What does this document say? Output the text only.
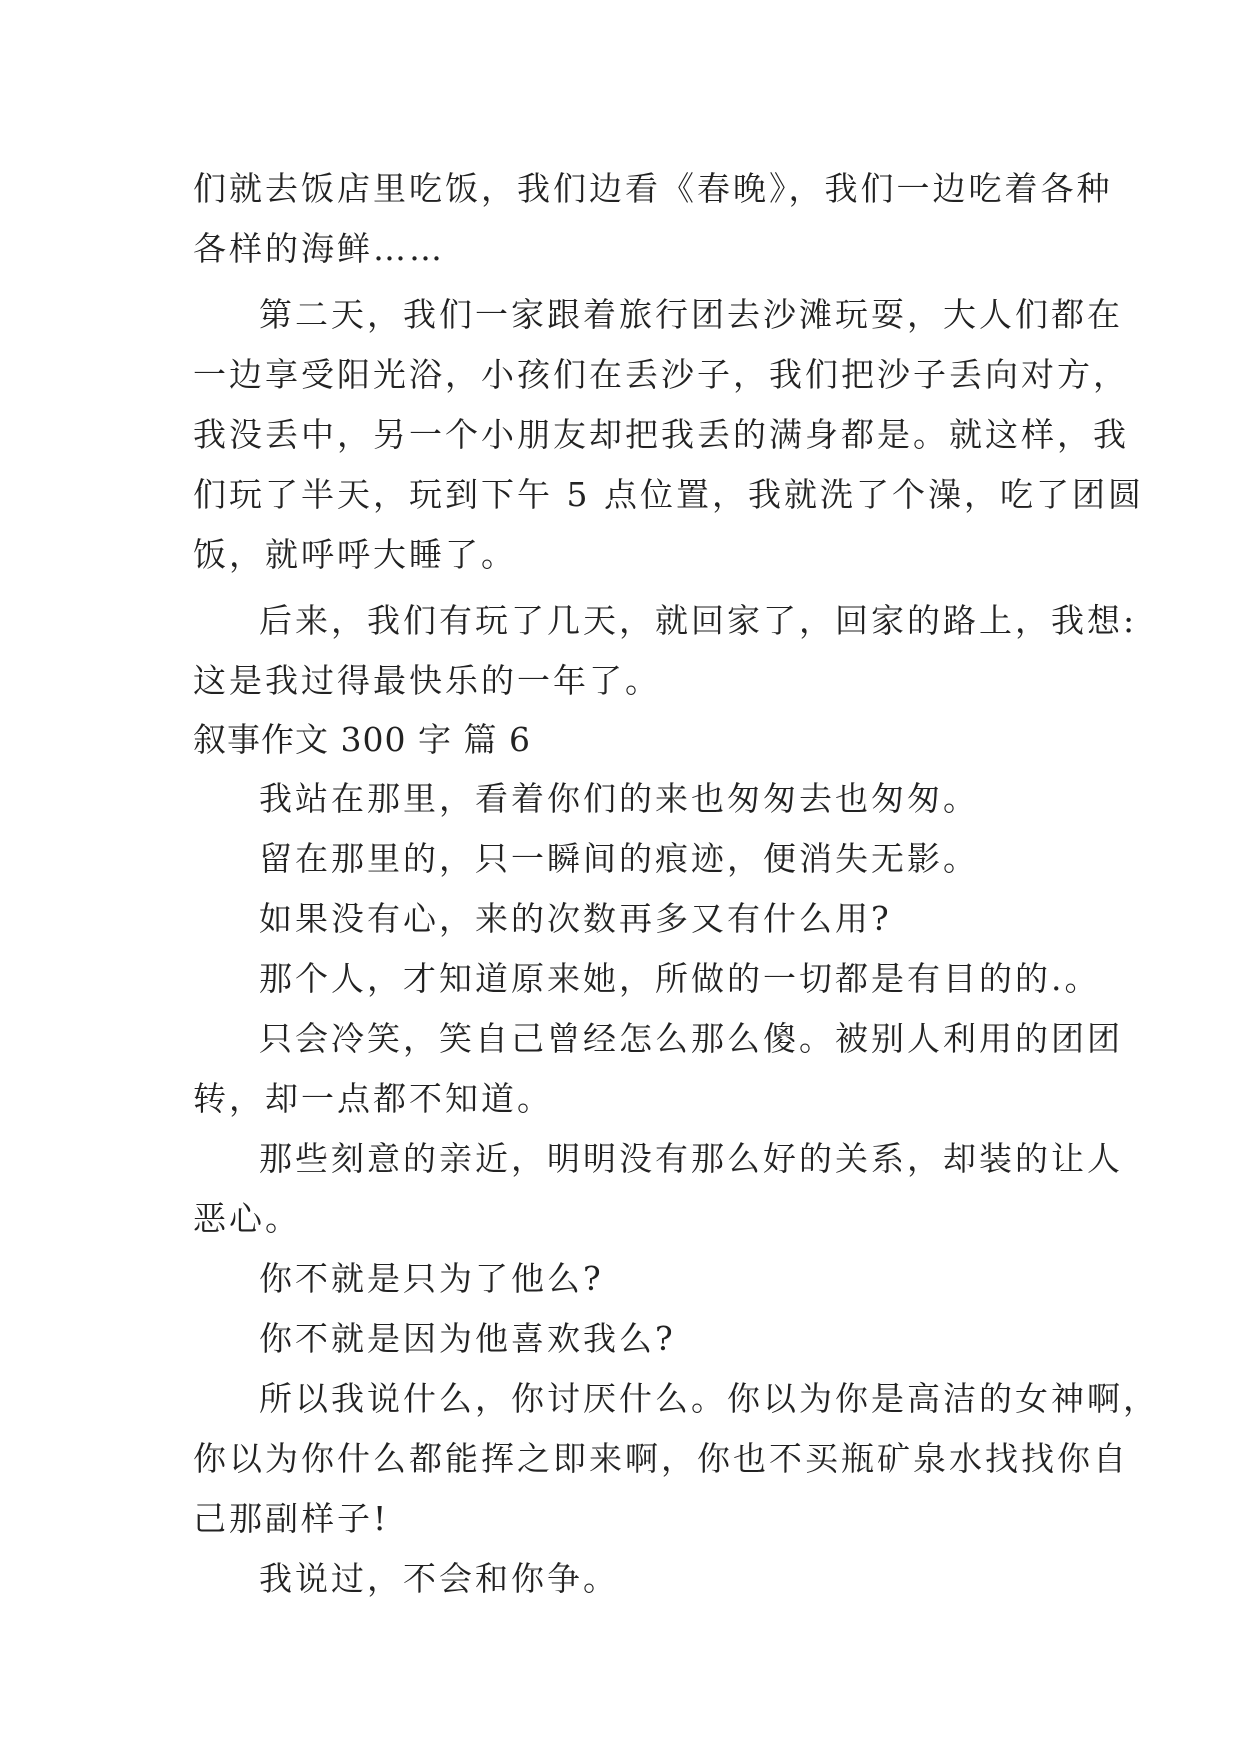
们就去饭店里吃饭，我们边看《春晚》，我们一边吃着各种
各样的海鲜……
第二天，我们一家跟着旅行团去沙滩玩耍，大人们都在
一边享受阳光浴，小孩们在丢沙子，我们把沙子丢向对方，
我没丢中，另一个小朋友却把我丢的满身都是。就这样，我
们玩了半天，玩到下午 5 点位置，我就洗了个澡，吃了团圆
饭，就呼呼大睡了。
后来，我们有玩了几天，就回家了，回家的路上，我想:
这是我过得最快乐的一年了。
叙事作文 300 字 篇 6
我站在那里，看着你们的来也匆匆去也匆匆。
留在那里的，只一瞬间的痕迹，便消失无影。
如果没有心，来的次数再多又有什么用?
那个人，才知道原来她，所做的一切都是有目的的.。
只会冷笑，笑自己曾经怎么那么傻。被别人利用的团团
转，却一点都不知道。
那些刻意的亲近，明明没有那么好的关系，却装的让人
恶心。
你不就是只为了他么?
你不就是因为他喜欢我么?
所以我说什么，你讨厌什么。你以为你是高洁的女神啊，
你以为你什么都能挥之即来啊，你也不买瓶矿泉水找找你自
己那副样子!
我说过，不会和你争。
